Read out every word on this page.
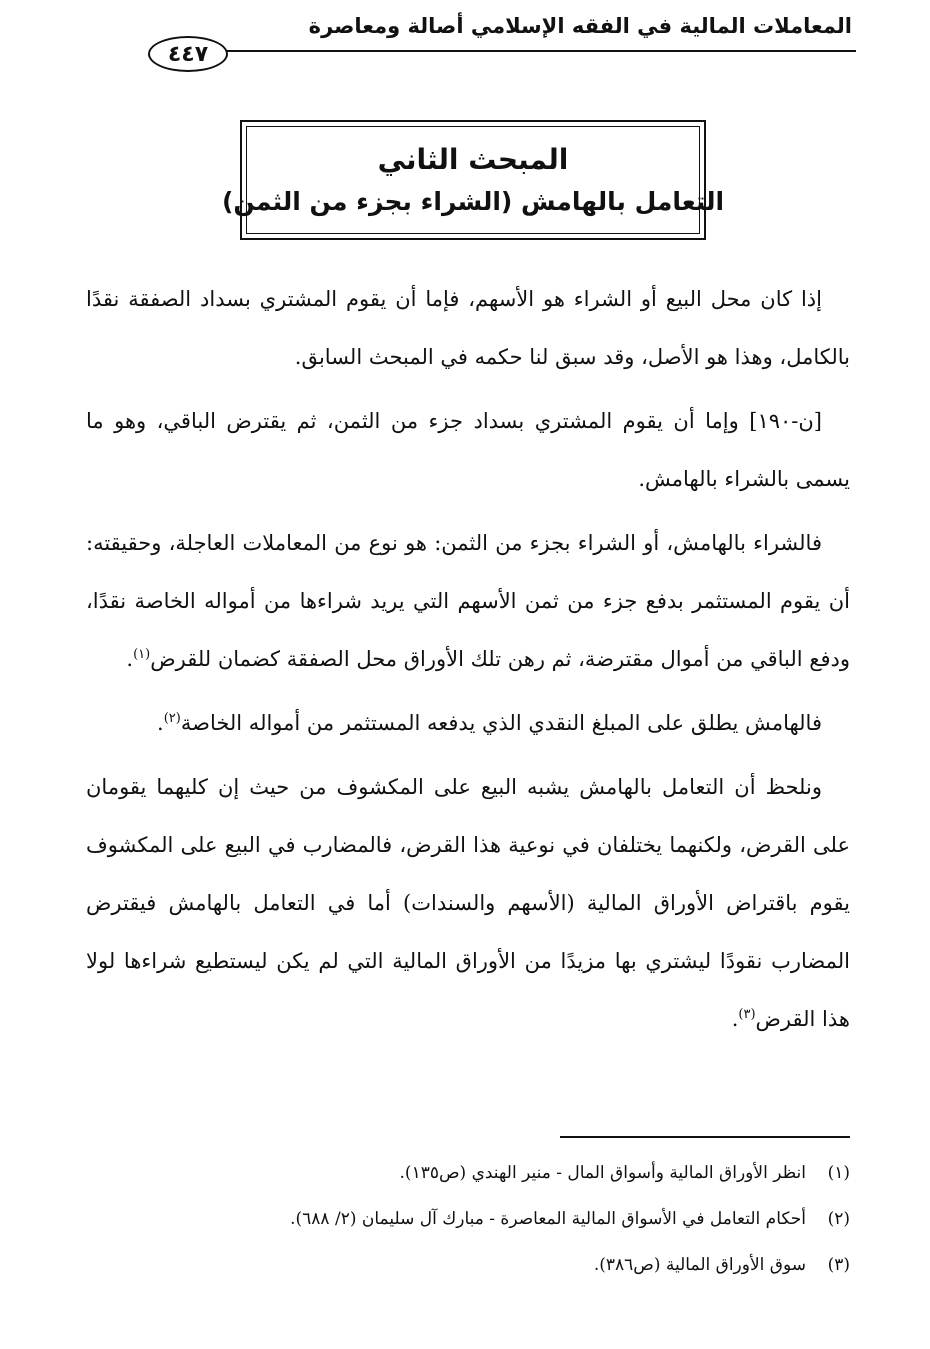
المعاملات المالية في الفقه الإسلامي أصالة ومعاصرة
٤٤٧
المبحث الثاني
التعامل بالهامش (الشراء بجزء من الثمن)

إذا كان محل البيع أو الشراء هو الأسهم، فإما أن يقوم المشتري بسداد الصفقة نقدًا بالكامل، وهذا هو الأصل، وقد سبق لنا حكمه في المبحث السابق.

[ن-١٩٠] وإما أن يقوم المشتري بسداد جزء من الثمن، ثم يقترض الباقي، وهو ما يسمى بالشراء بالهامش.

فالشراء بالهامش، أو الشراء بجزء من الثمن: هو نوع من المعاملات العاجلة، وحقيقته: أن يقوم المستثمر بدفع جزء من ثمن الأسهم التي يريد شراءها من أمواله الخاصة نقدًا، ودفع الباقي من أموال مقترضة، ثم رهن تلك الأوراق محل الصفقة كضمان للقرض$^{(١)}$.

فالهامش يطلق على المبلغ النقدي الذي يدفعه المستثمر من أمواله الخاصة$^{(٢)}$.

ونلحظ أن التعامل بالهامش يشبه البيع على المكشوف من حيث إن كليهما يقومان على القرض، ولكنهما يختلفان في نوعية هذا القرض، فالمضارب في البيع على المكشوف يقوم باقتراض الأوراق المالية (الأسهم والسندات) أما في التعامل بالهامش فيقترض المضارب نقودًا ليشتري بها مزيدًا من الأوراق المالية التي لم يكن ليستطيع شراءها لولا هذا القرض$^{(٣)}$.

(١)
انظر الأوراق المالية وأسواق المال - منير الهندي (ص١٣٥).
(٢)
أحكام التعامل في الأسواق المالية المعاصرة - مبارك آل سليمان (٢/ ٦٨٨).
(٣)
سوق الأوراق المالية (ص٣٨٦).
